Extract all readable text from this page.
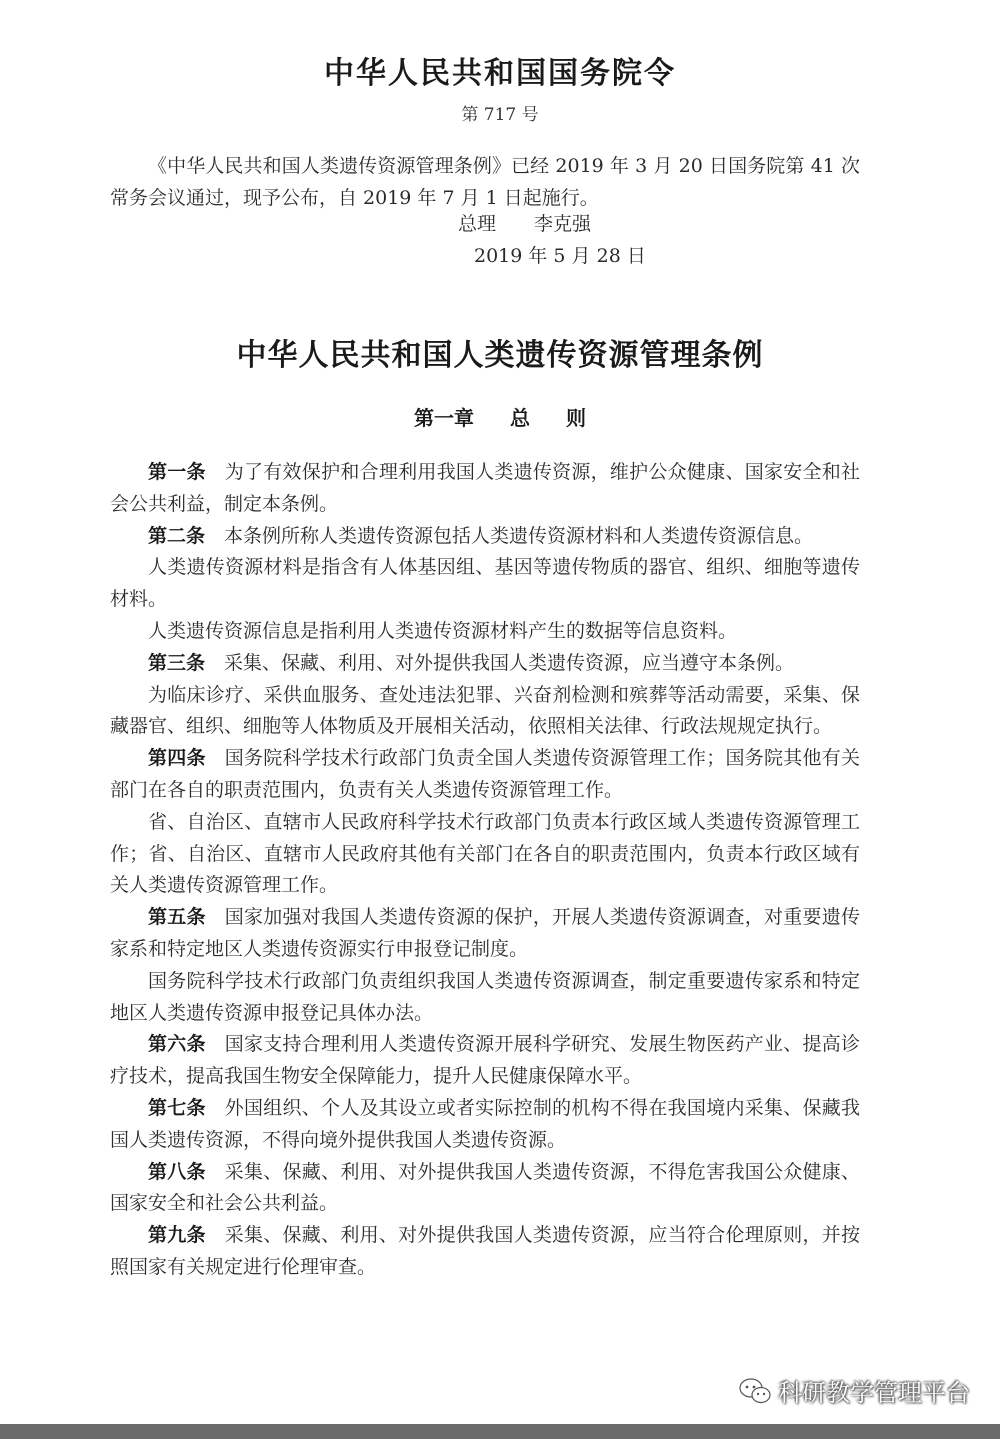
中华人民共和国国务院令
第 717 号
《中华人民共和国人类遗传资源管理条例》已经 2019 年 3 月 20 日国务院第 41 次常务会议通过，现予公布，自 2019 年 7 月 1 日起施行。
总理 李克强
2019 年 5 月 28 日
中华人民共和国人类遗传资源管理条例
第一章 总 则

第一条 为了有效保护和合理利用我国人类遗传资源，维护公众健康、国家安全和社会公共利益，制定本条例。

第二条 本条例所称人类遗传资源包括人类遗传资源材料和人类遗传资源信息。

人类遗传资源材料是指含有人体基因组、基因等遗传物质的器官、组织、细胞等遗传材料。

人类遗传资源信息是指利用人类遗传资源材料产生的数据等信息资料。

第三条 采集、保藏、利用、对外提供我国人类遗传资源，应当遵守本条例。

为临床诊疗、采供血服务、查处违法犯罪、兴奋剂检测和殡葬等活动需要，采集、保藏器官、组织、细胞等人体物质及开展相关活动，依照相关法律、行政法规规定执行。

第四条 国务院科学技术行政部门负责全国人类遗传资源管理工作；国务院其他有关部门在各自的职责范围内，负责有关人类遗传资源管理工作。

省、自治区、直辖市人民政府科学技术行政部门负责本行政区域人类遗传资源管理工作；省、自治区、直辖市人民政府其他有关部门在各自的职责范围内，负责本行政区域有关人类遗传资源管理工作。

第五条 国家加强对我国人类遗传资源的保护，开展人类遗传资源调查，对重要遗传家系和特定地区人类遗传资源实行申报登记制度。

国务院科学技术行政部门负责组织我国人类遗传资源调查，制定重要遗传家系和特定地区人类遗传资源申报登记具体办法。

第六条 国家支持合理利用人类遗传资源开展科学研究、发展生物医药产业、提高诊疗技术，提高我国生物安全保障能力，提升人民健康保障水平。

第七条 外国组织、个人及其设立或者实际控制的机构不得在我国境内采集、保藏我国人类遗传资源，不得向境外提供我国人类遗传资源。

第八条 采集、保藏、利用、对外提供我国人类遗传资源，不得危害我国公众健康、国家安全和社会公共利益。

第九条 采集、保藏、利用、对外提供我国人类遗传资源，应当符合伦理原则，并按照国家有关规定进行伦理审查。

科研教学管理平台
